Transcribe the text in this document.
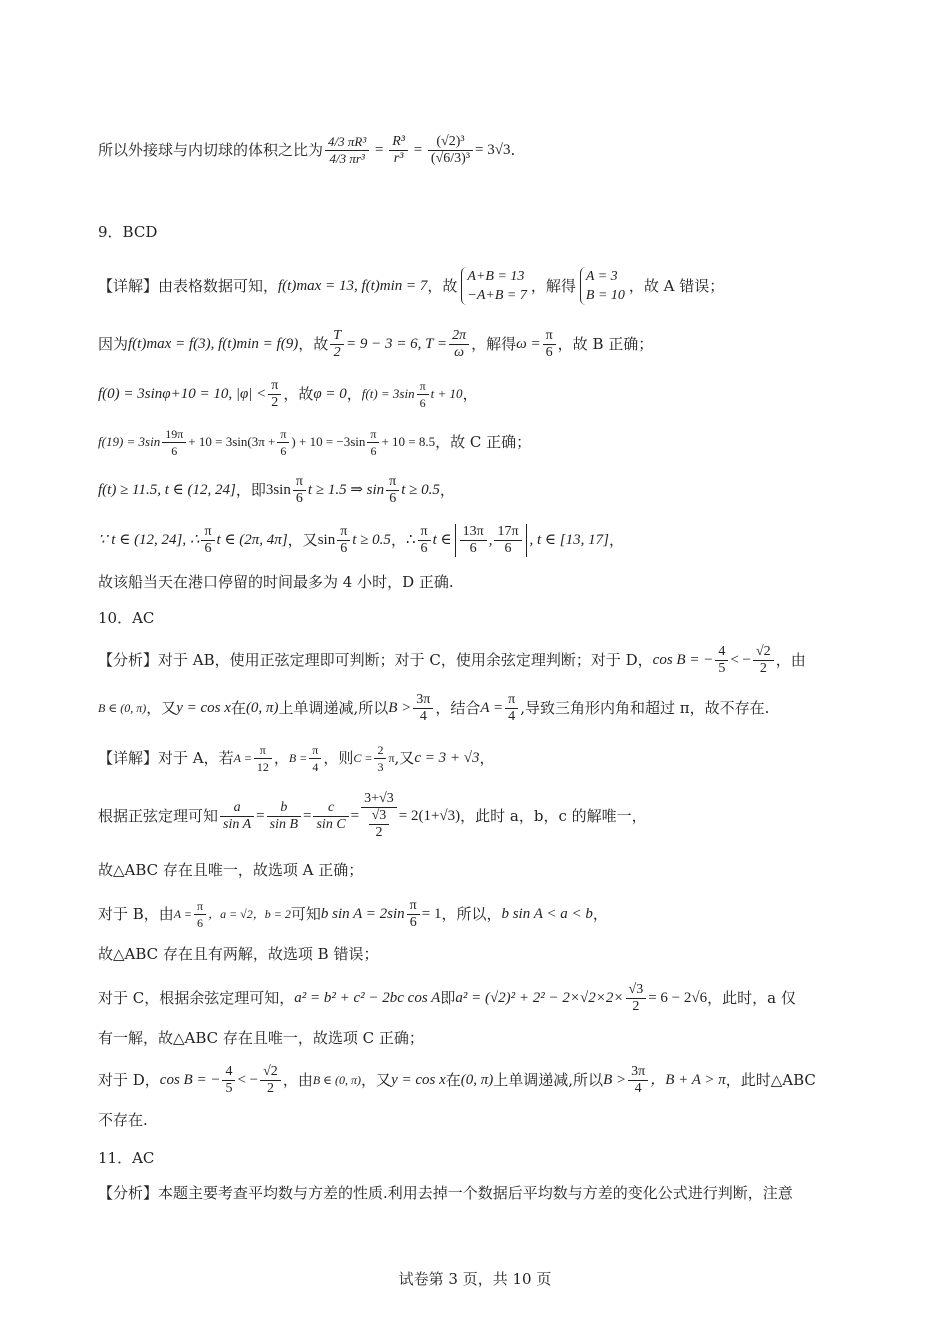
所以外接球与内切球的体积之比为 $\frac{\text{4/3 πR³}}{\text{4/3 πr³}} = \frac{\text{R³}}{\text{r³}} = \frac{\text{(√2)³}}{\text{(√6/3)³}} = 3√3$ .
9．BCD
【详解】由表格数据可知， f(t)max = 13, f(t)min = 7 ，故
A+B = 13
−A+B = 7
，解得
A = 3
B = 10
，故 A 错误；
因为 f(t)max = f(3), f(t)min = f(9) ，故 $\frac{T}{2} = 9 - 3 = 6$, $T = \frac{2\pi}{\omega}$ ，解得 $\omega = \frac{\pi}{6}$ ，故 B 正确；
f(0) = 3sinφ+10 = 10, $|\varphi| < \frac{\pi}{2}$ ，故 φ = 0 ， $f(t) = 3\sin \frac{\pi}{6}$ t + 10 ，
$f(19) = 3\sin \frac{19\pi}{6} + 10 = 3\sin(3\pi + \frac{\pi}{6}$ ) + $10 = -3\sin \frac{\pi}{6} + 10 = 8.5$ ，故 C 正确；
f(t) ≥ 11.5, t ∈ (12, 24] ，即 $3\sin \frac{\pi}{6}$ t ≥ 1.5 ⇒ $\sin \frac{\pi}{6}$ t ≥ 0.5 ，
∵ t ∈ (12, 24], ∴ $\frac{\pi}{6}$ t ∈ (2π, 4π] ，又 $\sin \frac{\pi}{6}$ t ≥ 0.5 ， ∴ $\frac{\pi}{6}$ t ∈ $\frac{13\pi}{6}$ , $\frac{17\pi}{6}$ , t ∈ [13, 17] ，
故该船当天在港口停留的时间最多为 4 小时，D 正确.
10．AC
【分析】对于 AB，使用正弦定理即可判断；对于 C，使用余弦定理判断；对于 D， cos B = − $\frac{4}{5}$ < − $\frac{√2}{2}$ ，由
B ∈ (0, π) ，又 y = cos x 在 (0, π) 上单调递减,所以 $B > \frac{3\pi}{4}$ ，结合 $A = \frac{\pi}{4}$ ,导致三角形内角和超过 π，故不存在.
【详解】对于 A，若 $A = \frac{\pi}{12}$ ， $B = \frac{\pi}{4}$ ，则 $C = \frac{2}{3}$ π ,又 c = 3 + √3 ，
根据正弦定理可知 $\frac{a}{\text{sin A}} = \frac{b}{\text{sin B}} = \frac{c}{\text{sin C}} = \frac{3+√3}{\frac{√3}{2}} = 2(1+√3)$ ，此时 a，b，c 的解唯一，
故△ABC 存在且唯一，故选项 A 正确；
对于 B，由 $A = \frac{\pi}{6}$ ，a = √2，b = 2 可知 b $\sin A = 2\sin \frac{\pi}{6} = 1$ ，所以， b sin A < a < b ，
故△ABC 存在且有两解，故选项 B 错误；
对于 C，根据余弦定理可知， a² = b² + c² − 2bc cos A 即 $a^2 = (√2)^2 + 2^2 - 2\times√2\times 2\times \frac{√3}{2} = 6 - 2√6$ ，此时，a 仅
有一解，故△ABC 存在且唯一，故选项 C 正确；
对于 D， cos B = − $\frac{4}{5}$ < − $\frac{√2}{2}$ ，由 B ∈ (0, π) ，又 y = cos x 在 (0, π) 上单调递减,所以 $B > \frac{3\pi}{4}$ ，B + A > π ，此时△ABC
不存在.
11．AC
【分析】本题主要考查平均数与方差的性质.利用去掉一个数据后平均数与方差的变化公式进行判断，注意
试卷第 3 页，共 10 页
